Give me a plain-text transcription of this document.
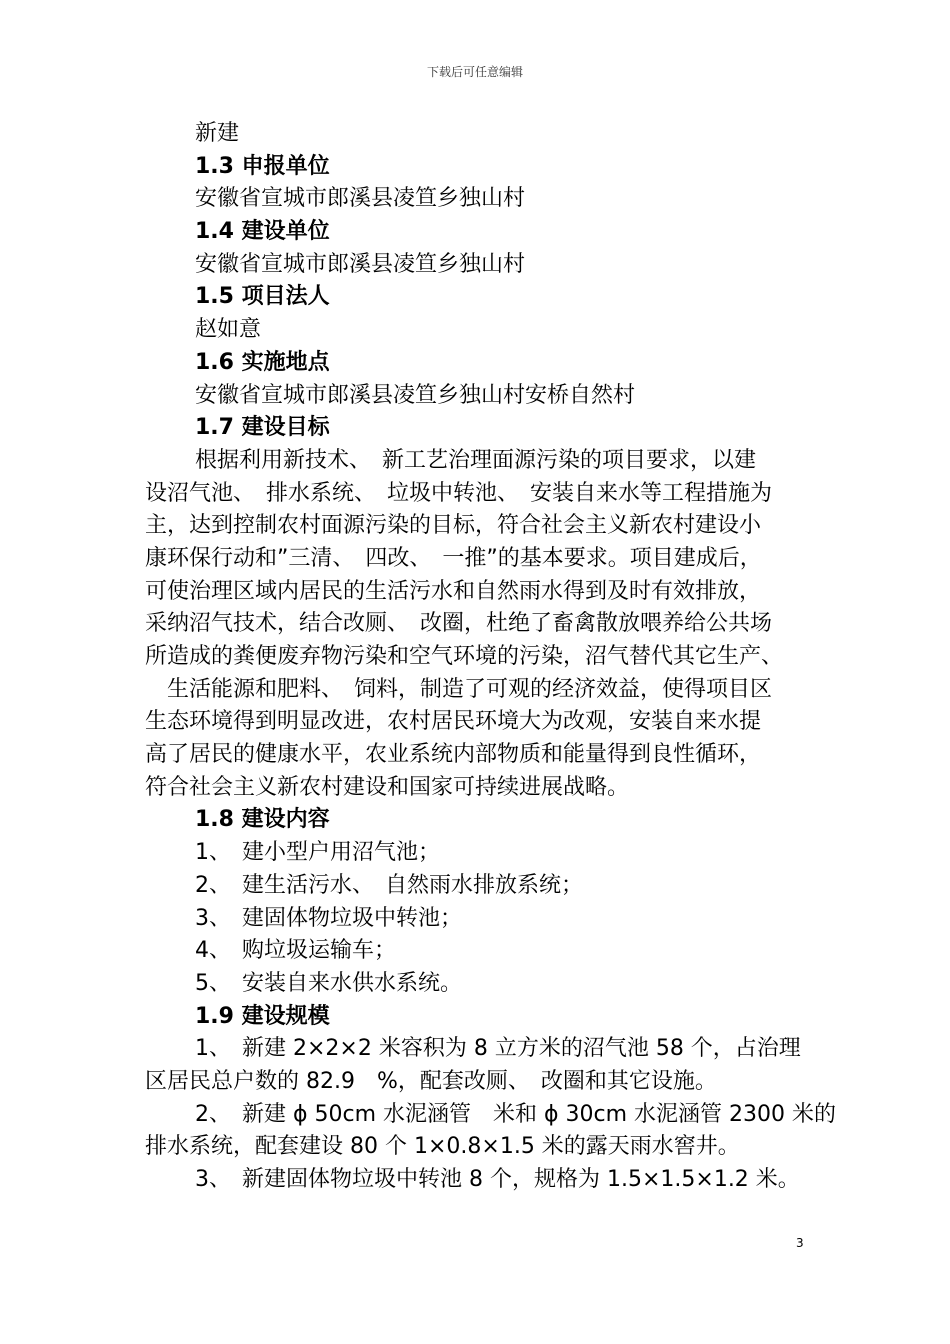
下载后可任意编辑
新建
1.3 申报单位
安徽省宣城市郎溪县凌笪乡独山村
1.4 建设单位
安徽省宣城市郎溪县凌笪乡独山村
1.5 项目法人
赵如意
1.6 实施地点
安徽省宣城市郎溪县凌笪乡独山村安桥自然村
1.7 建设目标
根据利用新技术、　新工艺治理面源污染的项目要求，以建
设沼气池、　排水系统、　垃圾中转池、　安装自来水等工程措施为
主，达到控制农村面源污染的目标，符合社会主义新农村建设小
康环保行动和”三清、　四改、　一推”的基本要求。项目建成后，
可使治理区域内居民的生活污水和自然雨水得到及时有效排放，
采纳沼气技术，结合改厕、　改圈，杜绝了畜禽散放喂养给公共场
所造成的粪便废弃物污染和空气环境的污染，沼气替代其它生产、
　生活能源和肥料、　饲料，制造了可观的经济效益，使得项目区
生态环境得到明显改进，农村居民环境大为改观，安装自来水提
高了居民的健康水平，农业系统内部物质和能量得到良性循环，
符合社会主义新农村建设和国家可持续进展战略。
1.8 建设内容
1、　建小型户用沼气池；
2、　建生活污水、　自然雨水排放系统；
3、　建固体物垃圾中转池；
4、　购垃圾运输车；
5、　安装自来水供水系统。
1.9 建设规模
1、　新建 2×2×2 米容积为 8 立方米的沼气池 58 个，占治理
区居民总户数的 82.9　%，配套改厕、　改圈和其它设施。
2、　新建 ϕ 50cm 水泥涵管　米和 ϕ 30cm 水泥涵管 2300 米的
排水系统，配套建设 80 个 1×0.8×1.5 米的露天雨水窖井。
3、　新建固体物垃圾中转池 8 个，规格为 1.5×1.5×1.2 米。
3
